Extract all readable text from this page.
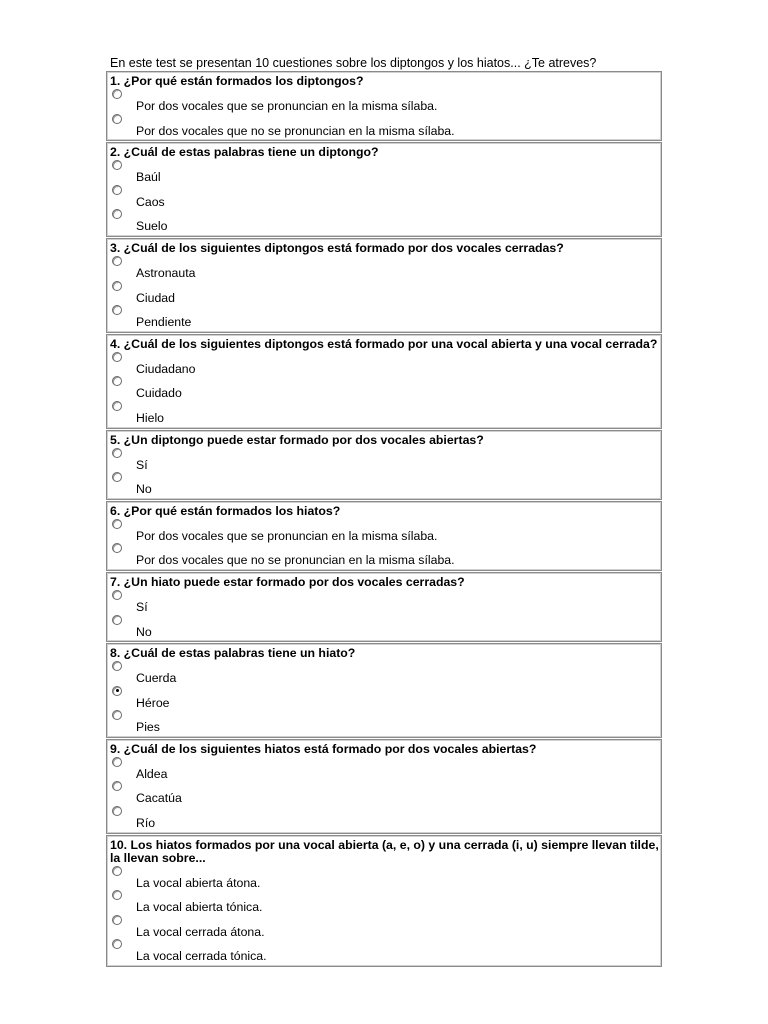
En este test se presentan 10 cuestiones sobre los diptongos y los hiatos... ¿Te atreves?
1. ¿Por qué están formados los diptongos?
Por dos vocales que se pronuncian en la misma sílaba.
Por dos vocales que no se pronuncian en la misma sílaba.
2. ¿Cuál de estas palabras tiene un diptongo?
Baúl
Caos
Suelo
3. ¿Cuál de los siguientes diptongos está formado por dos vocales cerradas?
Astronauta
Ciudad
Pendiente
4. ¿Cuál de los siguientes diptongos está formado por una vocal abierta y una vocal cerrada?
Ciudadano
Cuidado
Hielo
5. ¿Un diptongo puede estar formado por dos vocales abiertas?
Sí
No
6. ¿Por qué están formados los hiatos?
Por dos vocales que se pronuncian en la misma sílaba.
Por dos vocales que no se pronuncian en la misma sílaba.
7. ¿Un hiato puede estar formado por dos vocales cerradas?
Sí
No
8. ¿Cuál de estas palabras tiene un hiato?
Cuerda
Héroe
Pies
9. ¿Cuál de los siguientes hiatos está formado por dos vocales abiertas?
Aldea
Cacatúa
Río
10. Los hiatos formados por una vocal abierta (a, e, o) y una cerrada (i, u) siempre llevan tilde, la llevan sobre...
La vocal abierta átona.
La vocal abierta tónica.
La vocal cerrada átona.
La vocal cerrada tónica.
